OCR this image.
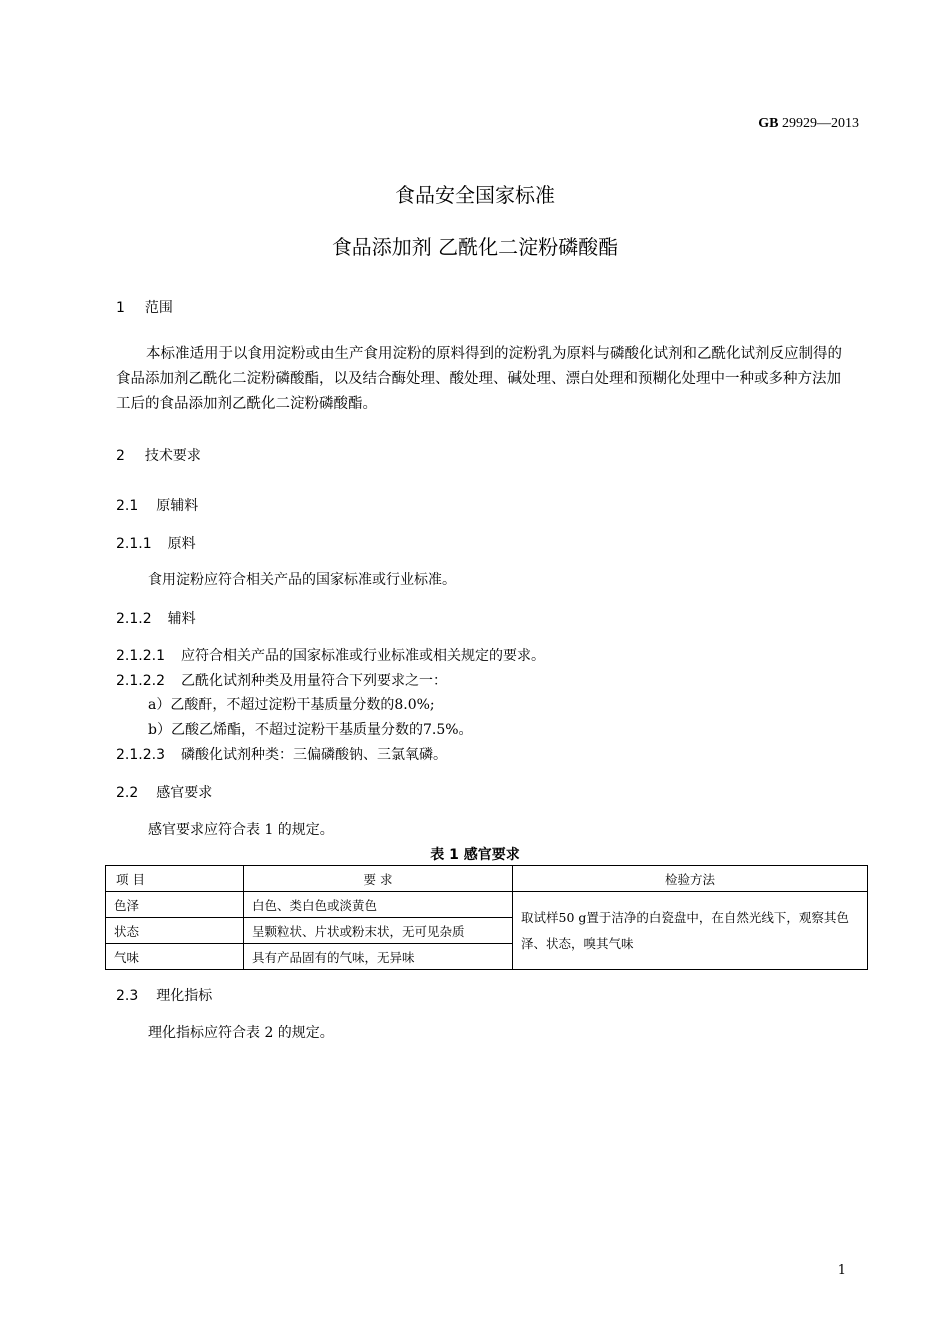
GB 29929—2013
食品安全国家标准
食品添加剂 乙酰化二淀粉磷酸酯
1 范围
本标准适用于以食用淀粉或由生产食用淀粉的原料得到的淀粉乳为原料与磷酸化试剂和乙酰化试剂反应制得的食品添加剂乙酰化二淀粉磷酸酯，以及结合酶处理、酸处理、碱处理、漂白处理和预糊化处理中一种或多种方法加工后的食品添加剂乙酰化二淀粉磷酸酯。
2 技术要求
2.1 原辅料
2.1.1 原料
食用淀粉应符合相关产品的国家标准或行业标准。
2.1.2 辅料
2.1.2.1 应符合相关产品的国家标准或行业标准或相关规定的要求。
2.1.2.2 乙酰化试剂种类及用量符合下列要求之一：
a）乙酸酐，不超过淀粉干基质量分数的8.0%;
b）乙酸乙烯酯，不超过淀粉干基质量分数的7.5%。
2.1.2.3 磷酸化试剂种类：三偏磷酸钠、三氯氧磷。
2.2 感官要求
感官要求应符合表 1 的规定。
表 1 感官要求
项 目	要 求	检验方法
色泽	白色、类白色或淡黄色	取试样50 g置于洁净的白瓷盘中，在自然光线下，观察其色泽、状态，嗅其气味
状态	呈颗粒状、片状或粉末状，无可见杂质	
气味	具有产品固有的气味，无异味	
2.3 理化指标
理化指标应符合表 2 的规定。
1
